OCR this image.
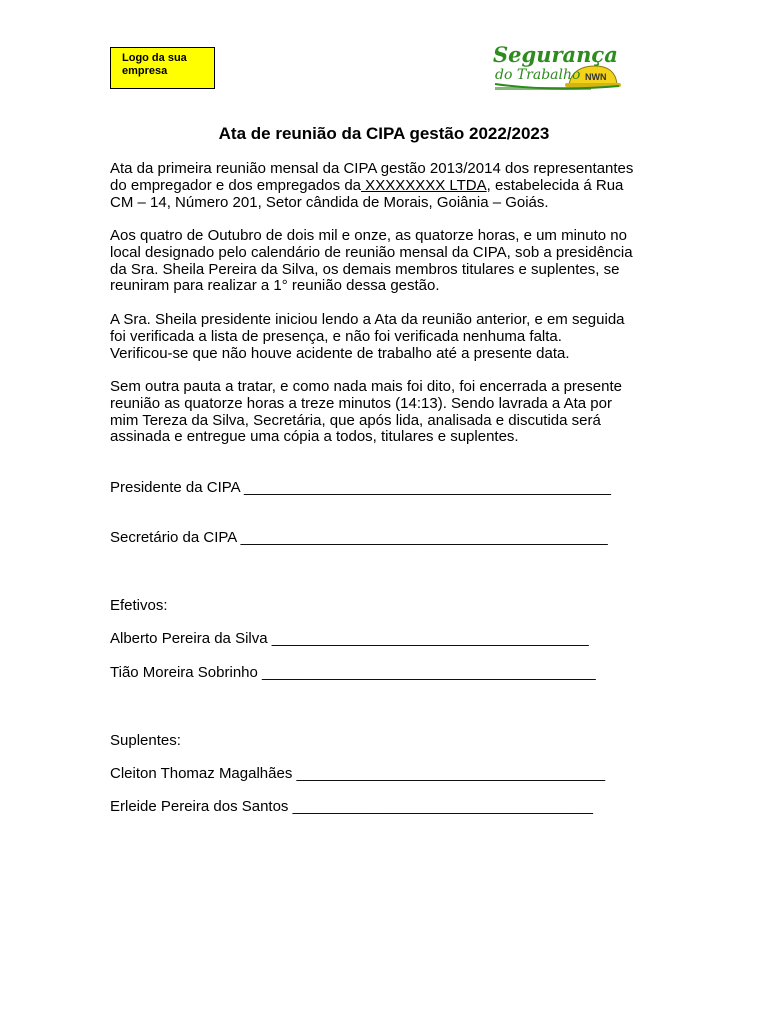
Logo da sua
empresa
Segurança
do Trabalho NWN
Ata de reunião da CIPA gestão 2022/2023

Ata da primeira reunião mensal da CIPA gestão 2013/2014 dos representantes
do empregador e dos empregados da XXXXXXXX LTDA, estabelecida á Rua
CM – 14, Número 201, Setor cândida de Morais, Goiânia – Goiás.

Aos quatro de Outubro de dois mil e onze, as quatorze horas, e um minuto no
local designado pelo calendário de reunião mensal da CIPA, sob a presidência
da Sra. Sheila Pereira da Silva, os demais membros titulares e suplentes, se
reuniram para realizar a 1° reunião dessa gestão.

A Sra. Sheila presidente iniciou lendo a Ata da reunião anterior, e em seguida
foi verificada a lista de presença, e não foi verificada nenhuma falta.
Verificou-se que não houve acidente de trabalho até a presente data.

Sem outra pauta a tratar, e como nada mais foi dito, foi encerrada a presente
reunião as quatorze horas a treze minutos (14:13). Sendo lavrada a Ata por
mim Tereza da Silva, Secretária, que após lida, analisada e discutida será
assinada e entregue uma cópia a todos, titulares e suplentes.

Presidente da CIPA ____________________________________________
Secretário da CIPA ____________________________________________
Efetivos:
Alberto Pereira da Silva ______________________________________
Tião Moreira Sobrinho ________________________________________
Suplentes:
Cleiton Thomaz Magalhães _____________________________________
Erleide Pereira dos Santos ____________________________________
